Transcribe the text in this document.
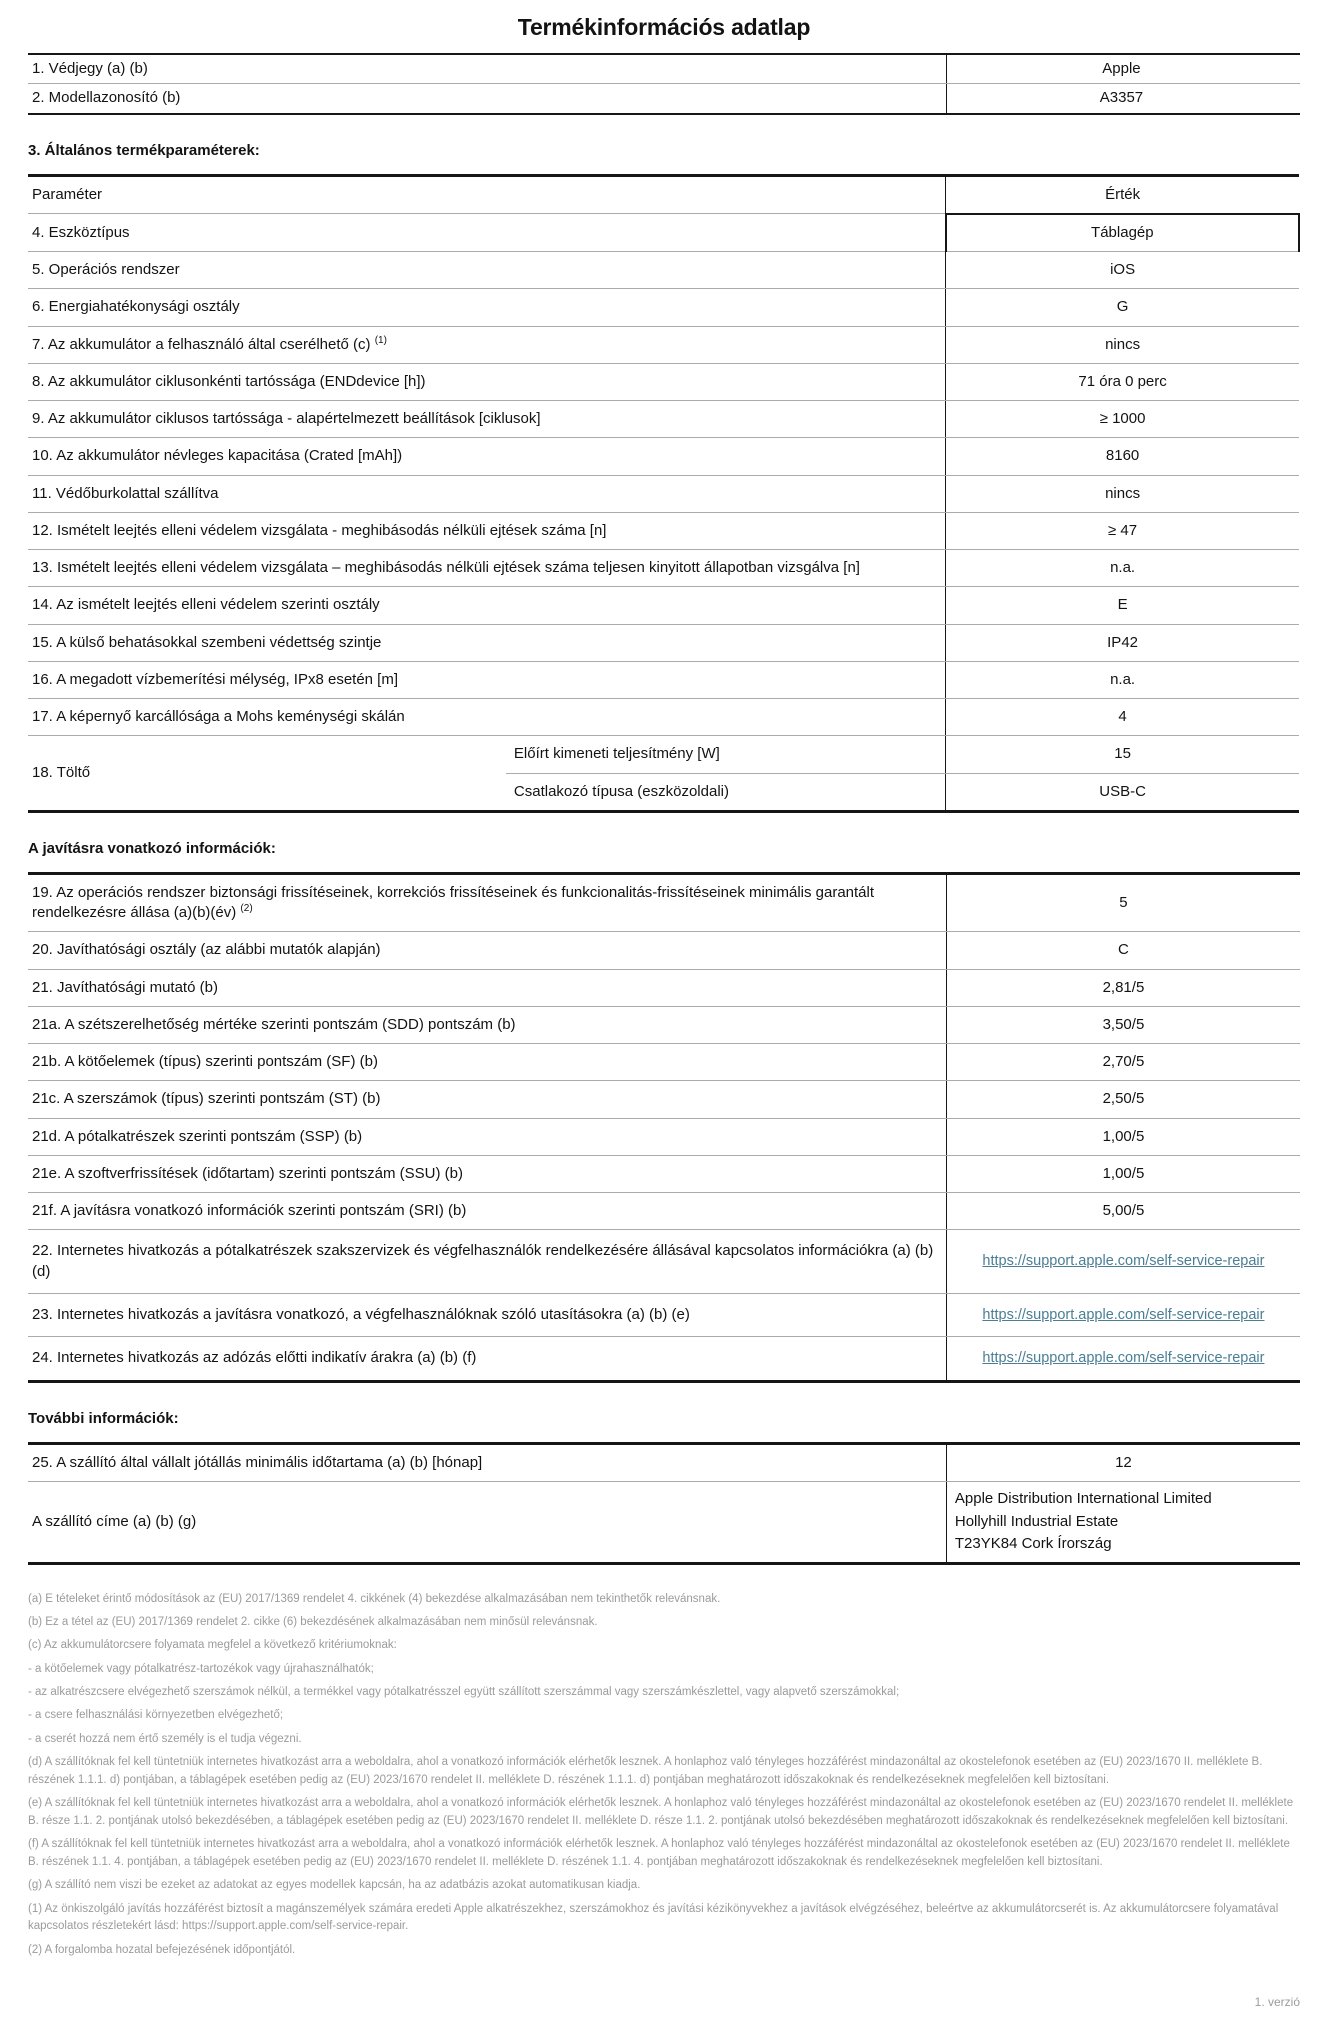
Termékinformációs adatlap
1. Védjegy (a) (b)	Apple
2. Modellazonosító (b)	A3357
3. Általános termékparaméterek:
Paraméter		Érték
4. Eszköztípus		Táblagép
5. Operációs rendszer		iOS
6. Energiahatékonysági osztály		G
7. Az akkumulátor a felhasználó által cserélhető (c) $^{(1)}$		nincs
8. Az akkumulátor ciklusonkénti tartóssága (ENDdevice [h])		71 óra 0 perc
9. Az akkumulátor ciklusos tartóssága - alapértelmezett beállítások [ciklusok]		≥ 1000
10. Az akkumulátor névleges kapacitása (Crated [mAh])		8160
11. Védőburkolattal szállítva		nincs
12. Ismételt leejtés elleni védelem vizsgálata - meghibásodás nélküli ejtések száma [n]		≥ 47
13. Ismételt leejtés elleni védelem vizsgálata – meghibásodás nélküli ejtések száma teljesen kinyitott állapotban vizsgálva [n]		n.a.
14. Az ismételt leejtés elleni védelem szerinti osztály		E
15. A külső behatásokkal szembeni védettség szintje		IP42
16. A megadott vízbemerítési mélység, IPx8 esetén [m]		n.a.
17. A képernyő karcállósága a Mohs keménységi skálán		4
18. Töltő	Előírt kimeneti teljesítmény [W]	15
	Csatlakozó típusa (eszközoldali)	USB-C
A javításra vonatkozó információk:
19. Az operációs rendszer biztonsági frissítéseinek, korrekciós frissítéseinek és funkcionalitás-frissítéseinek minimális garantált rendelkezésre állása (a)(b)(év) $^{(2)}$	5
20. Javíthatósági osztály (az alábbi mutatók alapján)	C
21. Javíthatósági mutató (b)	2,81/5
21a. A szétszerelhetőség mértéke szerinti pontszám (SDD) pontszám (b)	3,50/5
21b. A kötőelemek (típus) szerinti pontszám (SF) (b)	2,70/5
21c. A szerszámok (típus) szerinti pontszám (ST) (b)	2,50/5
21d. A pótalkatrészek szerinti pontszám (SSP) (b)	1,00/5
21e. A szoftverfrissítések (időtartam) szerinti pontszám (SSU) (b)	1,00/5
21f. A javításra vonatkozó információk szerinti pontszám (SRI) (b)	5,00/5
22. Internetes hivatkozás a pótalkatrészek szakszervizek és végfelhasználók rendelkezésére állásával kapcsolatos információkra (a) (b) (d)	https://support.apple.com/self-service-repair
23. Internetes hivatkozás a javításra vonatkozó, a végfelhasználóknak szóló utasításokra (a) (b) (e)	https://support.apple.com/self-service-repair
24. Internetes hivatkozás az adózás előtti indikatív árakra (a) (b) (f)	https://support.apple.com/self-service-repair
További információk:
25. A szállító által vállalt jótállás minimális időtartama (a) (b) [hónap]	12
A szállító címe (a) (b) (g)	Apple Distribution International Limited
Hollyhill Industrial Estate
T23YK84 Cork Írország

(a) E tételeket érintő módosítások az (EU) 2017/1369 rendelet 4. cikkének (4) bekezdése alkalmazásában nem tekinthetők relevánsnak.

(b) Ez a tétel az (EU) 2017/1369 rendelet 2. cikke (6) bekezdésének alkalmazásában nem minősül relevánsnak.

(c) Az akkumulátorcsere folyamata megfelel a következő kritériumoknak:

- a kötőelemek vagy pótalkatrész-tartozékok vagy újrahasználhatók;

- az alkatrészcsere elvégezhető szerszámok nélkül, a termékkel vagy pótalkatrésszel együtt szállított szerszámmal vagy szerszámkészlettel, vagy alapvető szerszámokkal;

- a csere felhasználási környezetben elvégezhető;

- a cserét hozzá nem értő személy is el tudja végezni.

(d) A szállítóknak fel kell tüntetniük internetes hivatkozást arra a weboldalra, ahol a vonatkozó információk elérhetők lesznek. A honlaphoz való tényleges hozzáférést mindazonáltal az okostelefonok esetében az (EU) 2023/1670 II. melléklete B. részének 1.1.1. d) pontjában, a táblagépek esetében pedig az (EU) 2023/1670 rendelet II. melléklete D. részének 1.1.1. d) pontjában meghatározott időszakoknak és rendelkezéseknek megfelelően kell biztosítani.

(e) A szállítóknak fel kell tüntetniük internetes hivatkozást arra a weboldalra, ahol a vonatkozó információk elérhetők lesznek. A honlaphoz való tényleges hozzáférést mindazonáltal az okostelefonok esetében az (EU) 2023/1670 rendelet II. melléklete B. része 1.1. 2. pontjának utolsó bekezdésében, a táblagépek esetében pedig az (EU) 2023/1670 rendelet II. melléklete D. része 1.1. 2. pontjának utolsó bekezdésében meghatározott időszakoknak és rendelkezéseknek megfelelően kell biztosítani.

(f) A szállítóknak fel kell tüntetniük internetes hivatkozást arra a weboldalra, ahol a vonatkozó információk elérhetők lesznek. A honlaphoz való tényleges hozzáférést mindazonáltal az okostelefonok esetében az (EU) 2023/1670 rendelet II. melléklete B. részének 1.1. 4. pontjában, a táblagépek esetében pedig az (EU) 2023/1670 rendelet II. melléklete D. részének 1.1. 4. pontjában meghatározott időszakoknak és rendelkezéseknek megfelelően kell biztosítani.

(g) A szállító nem viszi be ezeket az adatokat az egyes modellek kapcsán, ha az adatbázis azokat automatikusan kiadja.

(1) Az önkiszolgáló javítás hozzáférést biztosít a magánszemélyek számára eredeti Apple alkatrészekhez, szerszámokhoz és javítási kézikönyvekhez a javítások elvégzéséhez, beleértve az akkumulátorcserét is. Az akkumulátorcsere folyamatával kapcsolatos részletekért lásd: https://support.apple.com/self-service-repair.

(2) A forgalomba hozatal befejezésének időpontjától.

1. verzió
